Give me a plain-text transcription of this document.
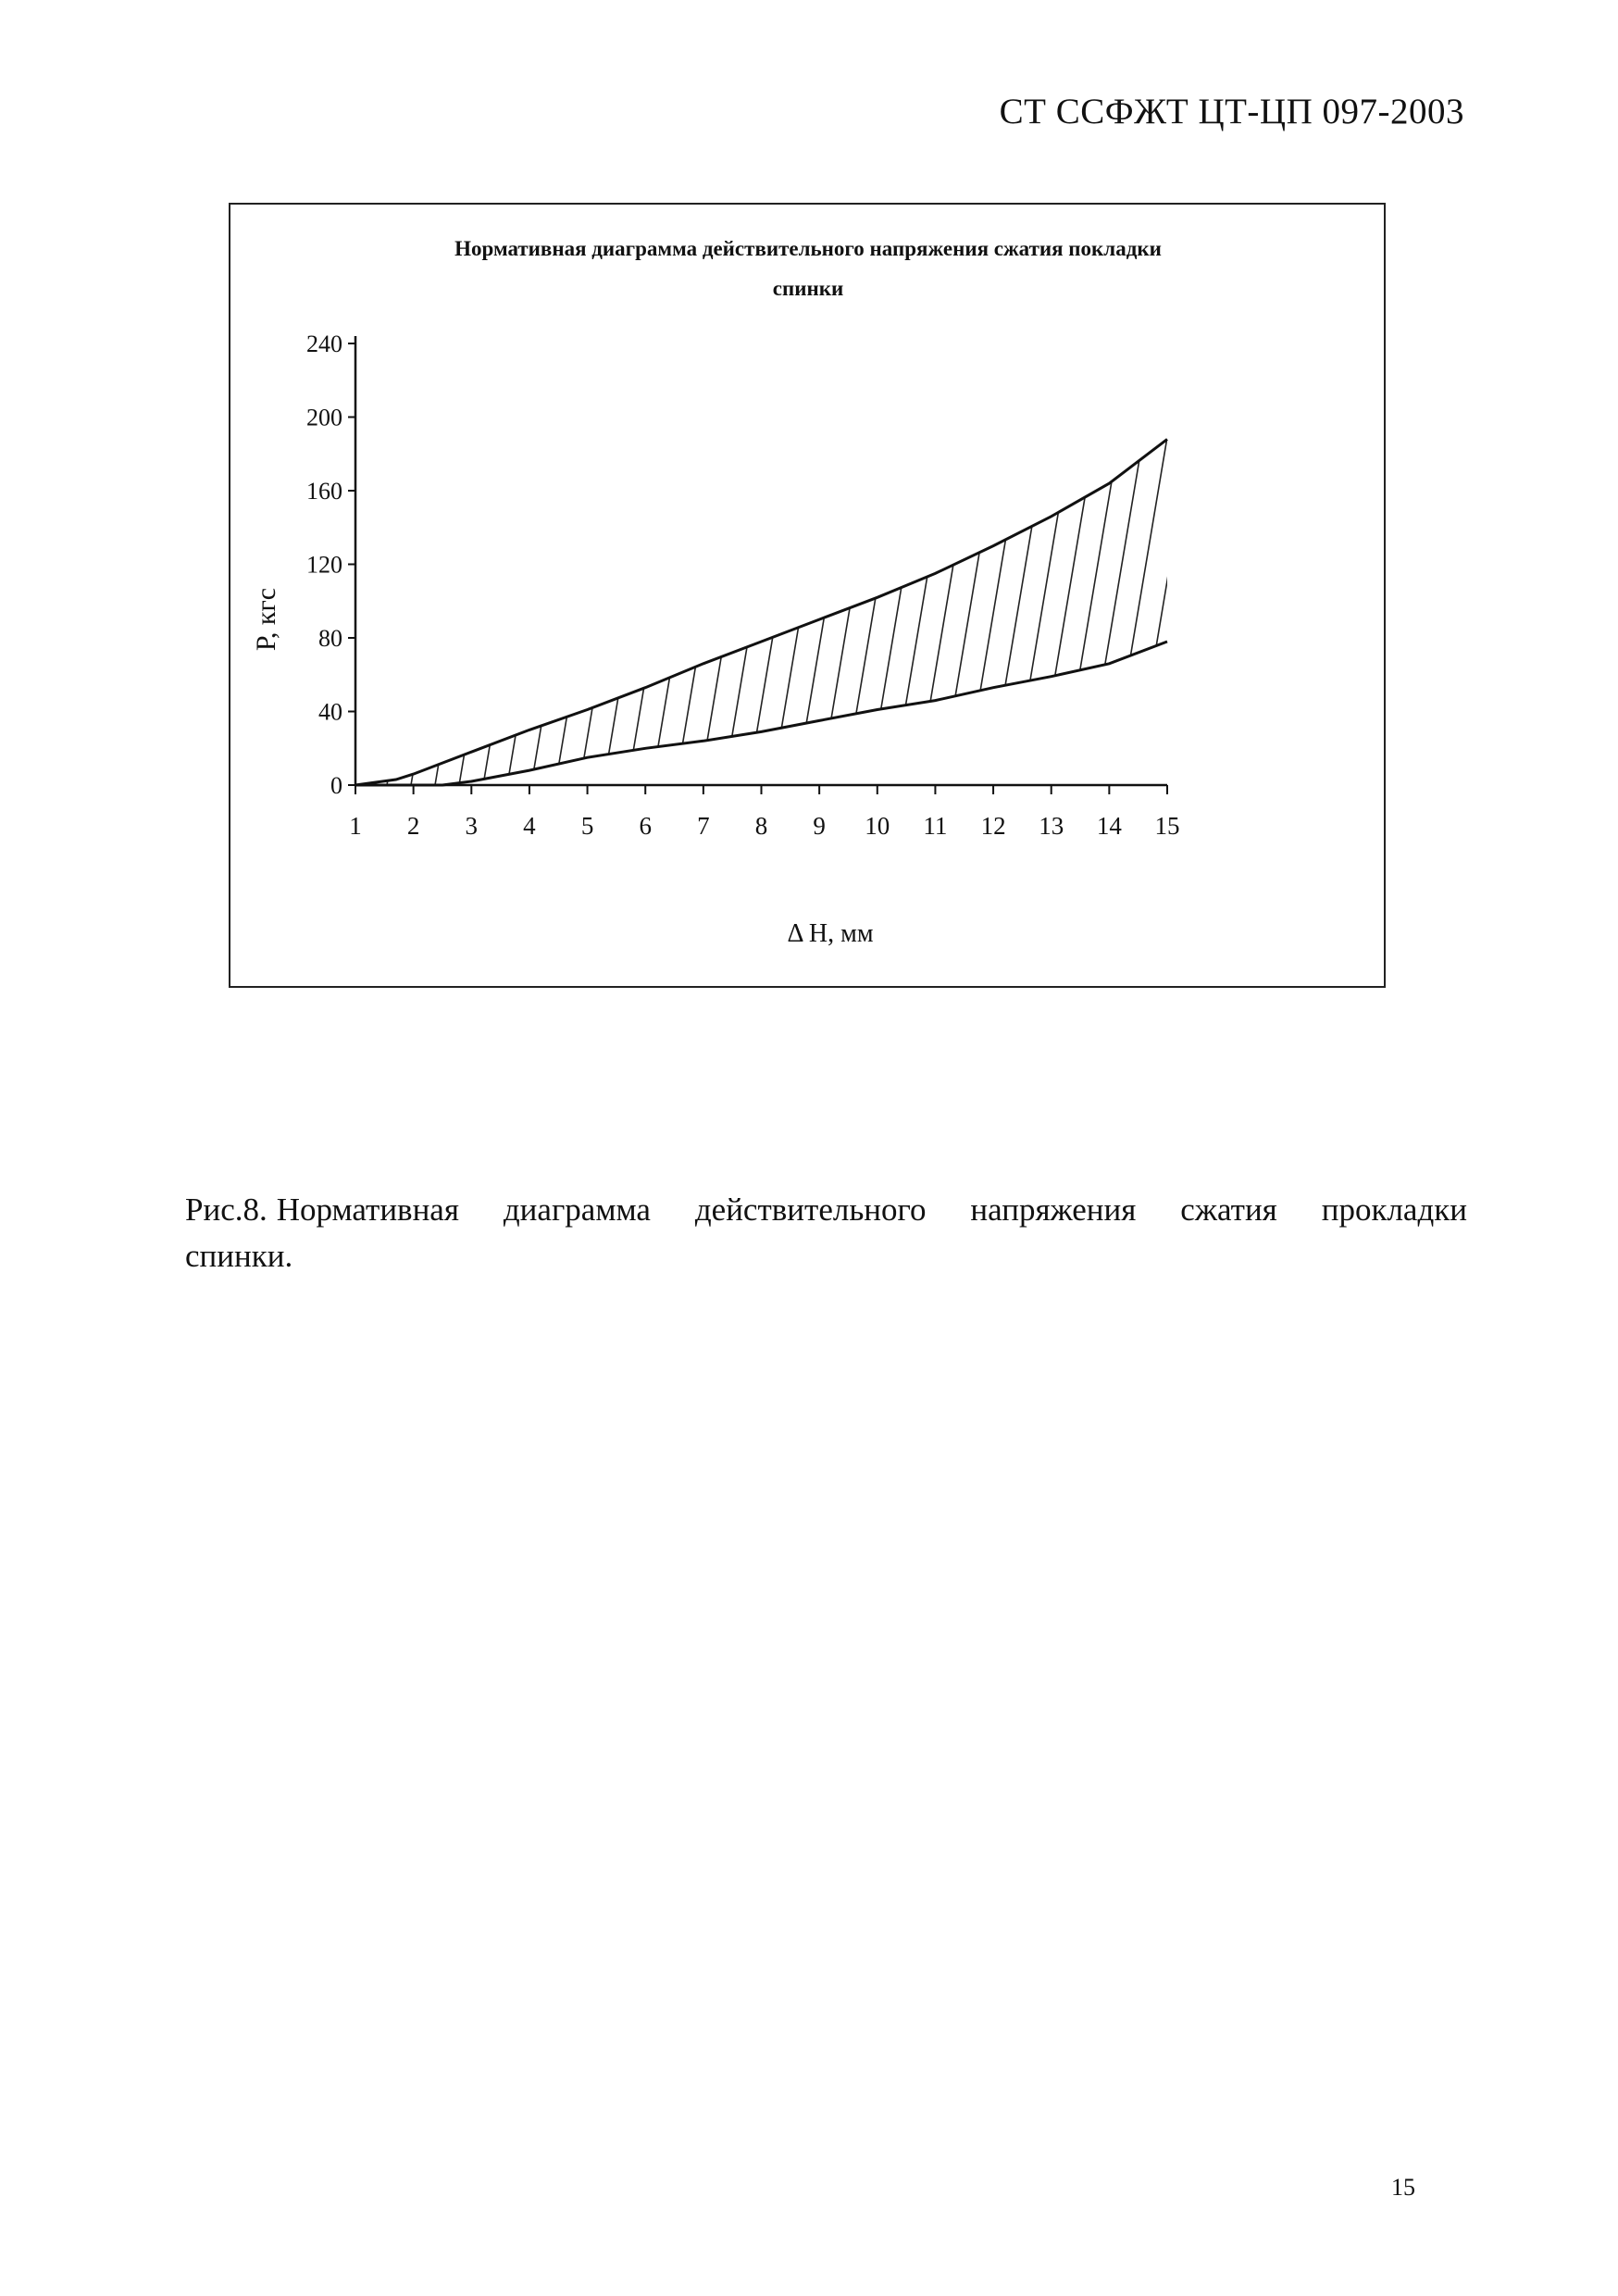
СТ ССФЖТ ЦТ-ЦП 097-2003
Нормативная диаграмма действительного напряжения сжатия покладки
спинки
Р, кгс
Δ Н, мм
0
40
80
120
160
200
240
1 2 3 4 5 6 7 8 9 10 11 12 13 14 15
Рис.8. Нормативная диаграмма действительного напряжения сжатия прокладки
спинки.
15
